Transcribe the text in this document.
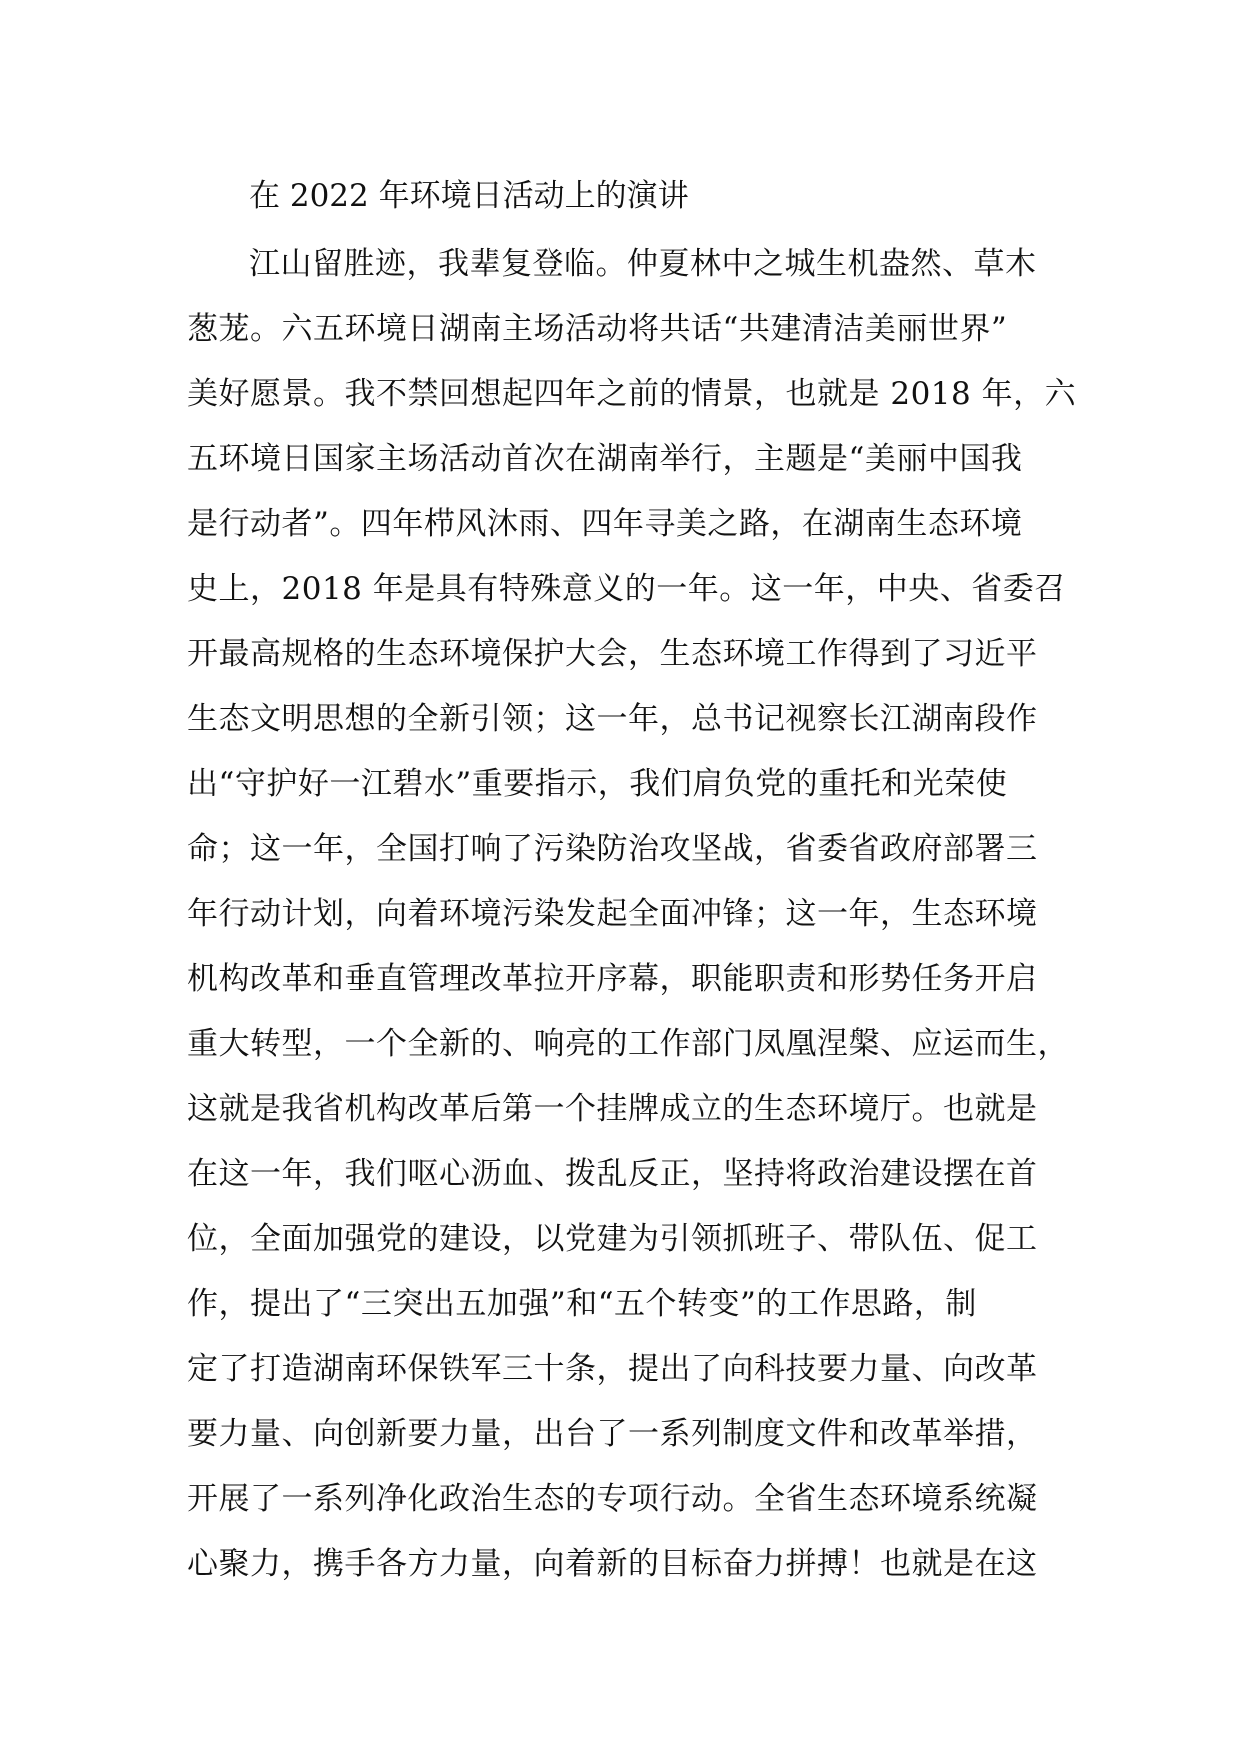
在 2022 年环境日活动上的演讲
江山留胜迹，我辈复登临。仲夏林中之城生机盎然、草木
葱茏。六五环境日湖南主场活动将共话“共建清洁美丽世界”
美好愿景。我不禁回想起四年之前的情景，也就是 2018 年，六
五环境日国家主场活动首次在湖南举行，主题是“美丽中国我
是行动者”。四年栉风沐雨、四年寻美之路，在湖南生态环境
史上，2018 年是具有特殊意义的一年。这一年，中央、省委召
开最高规格的生态环境保护大会，生态环境工作得到了习近平
生态文明思想的全新引领；这一年，总书记视察长江湖南段作
出“守护好一江碧水”重要指示，我们肩负党的重托和光荣使
命；这一年，全国打响了污染防治攻坚战，省委省政府部署三
年行动计划，向着环境污染发起全面冲锋；这一年，生态环境
机构改革和垂直管理改革拉开序幕，职能职责和形势任务开启
重大转型，一个全新的、响亮的工作部门凤凰涅槃、应运而生，
这就是我省机构改革后第一个挂牌成立的生态环境厅。也就是
在这一年，我们呕心沥血、拨乱反正，坚持将政治建设摆在首
位，全面加强党的建设，以党建为引领抓班子、带队伍、促工
作，提出了“三突出五加强”和“五个转变”的工作思路，制
定了打造湖南环保铁军三十条，提出了向科技要力量、向改革
要力量、向创新要力量，出台了一系列制度文件和改革举措，
开展了一系列净化政治生态的专项行动。全省生态环境系统凝
心聚力，携手各方力量，向着新的目标奋力拼搏！也就是在这
